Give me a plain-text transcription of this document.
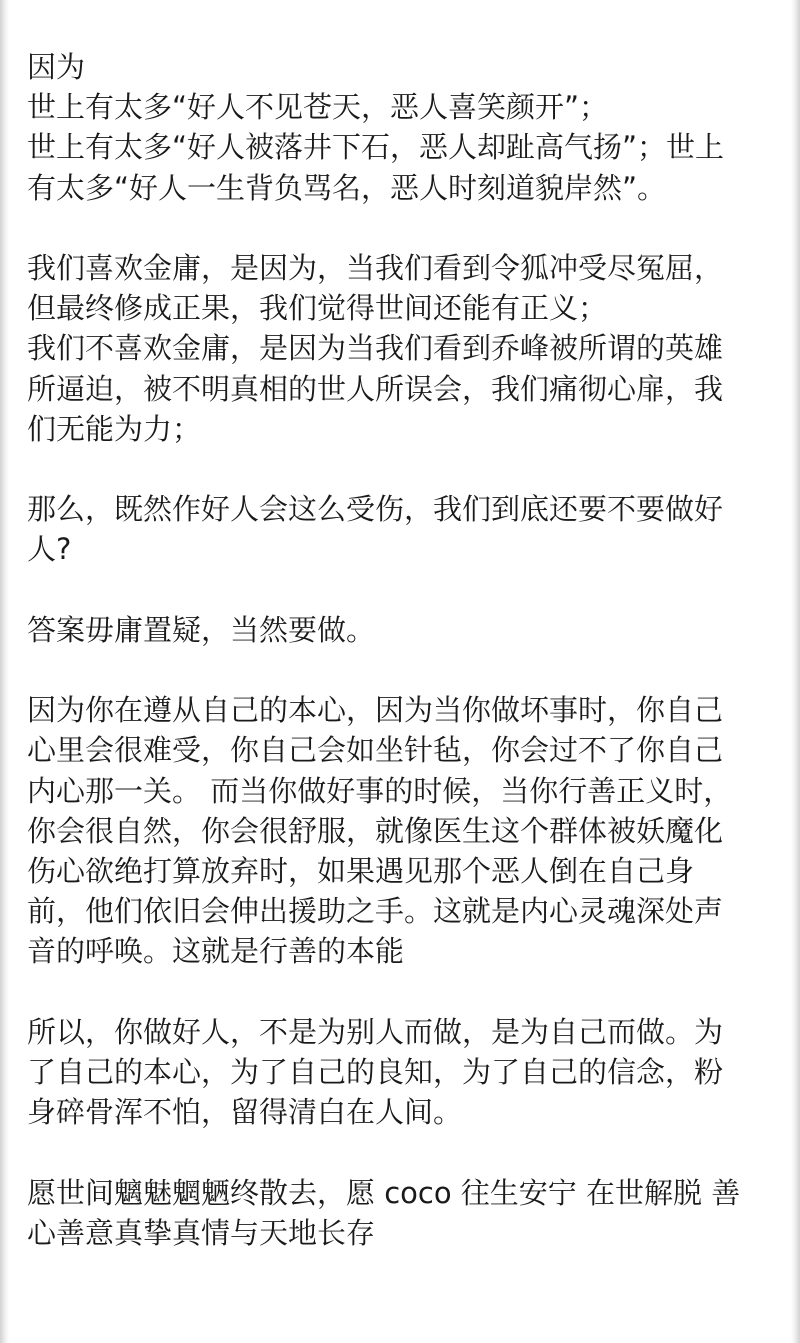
因为
世上有太多“好人不见苍天，恶人喜笑颜开”；
世上有太多“好人被落井下石，恶人却趾高气扬”；世上
有太多“好人一生背负骂名，恶人时刻道貌岸然”。

我们喜欢金庸，是因为，当我们看到令狐冲受尽冤屈，
但最终修成正果，我们觉得世间还能有正义；
我们不喜欢金庸，是因为当我们看到乔峰被所谓的英雄
所逼迫，被不明真相的世人所误会，我们痛彻心扉，我
们无能为力；

那么，既然作好人会这么受伤，我们到底还要不要做好
人?

答案毋庸置疑，当然要做。

因为你在遵从自己的本心，因为当你做坏事时，你自己
心里会很难受，你自己会如坐针毡，你会过不了你自己
内心那一关。 而当你做好事的时候，当你行善正义时，
你会很自然，你会很舒服，就像医生这个群体被妖魔化
伤心欲绝打算放弃时，如果遇见那个恶人倒在自己身
前，他们依旧会伸出援助之手。这就是内心灵魂深处声
音的呼唤。这就是行善的本能

所以，你做好人，不是为别人而做，是为自己而做。为
了自己的本心，为了自己的良知，为了自己的信念，粉
身碎骨浑不怕，留得清白在人间。

愿世间魑魅魍魉终散去，愿 coco 往生安宁 在世解脱 善
心善意真挚真情与天地长存
